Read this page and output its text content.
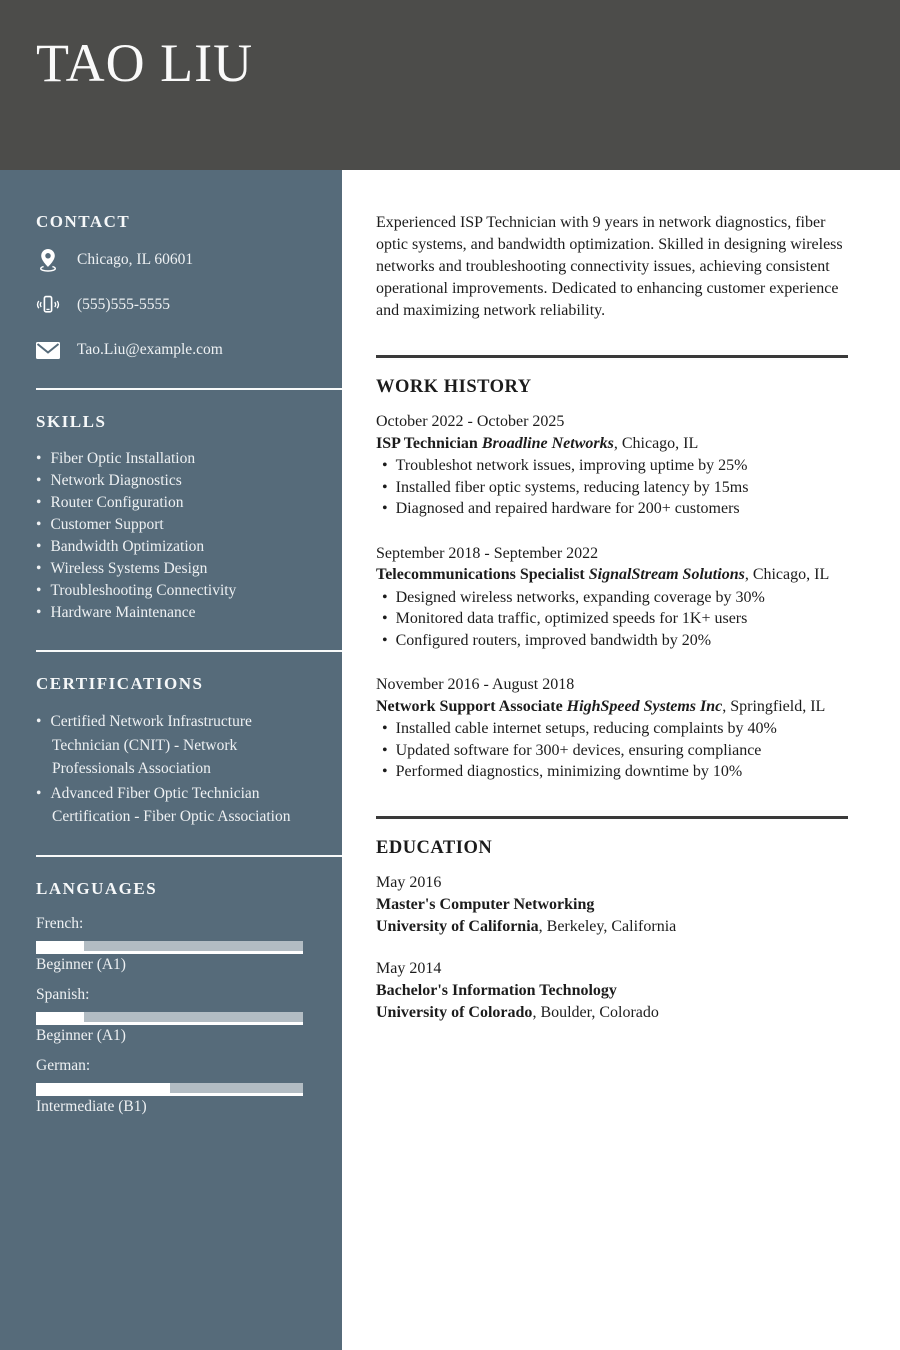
TAO LIU
CONTACT
Chicago, IL 60601
(555)555-5555
Tao.Liu@example.com
SKILLS
• Fiber Optic Installation
• Network Diagnostics
• Router Configuration
• Customer Support
• Bandwidth Optimization
• Wireless Systems Design
• Troubleshooting Connectivity
• Hardware Maintenance
CERTIFICATIONS
• Certified Network Infrastructure Technician (CNIT) - Network Professionals Association
• Advanced Fiber Optic Technician Certification - Fiber Optic Association
LANGUAGES
French:
Beginner (A1)
Spanish:
Beginner (A1)
German:
Intermediate (B1)
Experienced ISP Technician with 9 years in network diagnostics, fiber optic systems, and bandwidth optimization. Skilled in designing wireless networks and troubleshooting connectivity issues, achieving consistent operational improvements. Dedicated to enhancing customer experience and maximizing network reliability.
WORK HISTORY
October 2022 - October 2025
ISP Technician Broadline Networks, Chicago, IL
• Troubleshot network issues, improving uptime by 25%
• Installed fiber optic systems, reducing latency by 15ms
• Diagnosed and repaired hardware for 200+ customers
September 2018 - September 2022
Telecommunications Specialist SignalStream Solutions, Chicago, IL
• Designed wireless networks, expanding coverage by 30%
• Monitored data traffic, optimized speeds for 1K+ users
• Configured routers, improved bandwidth by 20%
November 2016 - August 2018
Network Support Associate HighSpeed Systems Inc, Springfield, IL
• Installed cable internet setups, reducing complaints by 40%
• Updated software for 300+ devices, ensuring compliance
• Performed diagnostics, minimizing downtime by 10%
EDUCATION
May 2016
Master's Computer Networking
University of California, Berkeley, California
May 2014
Bachelor's Information Technology
University of Colorado, Boulder, Colorado
